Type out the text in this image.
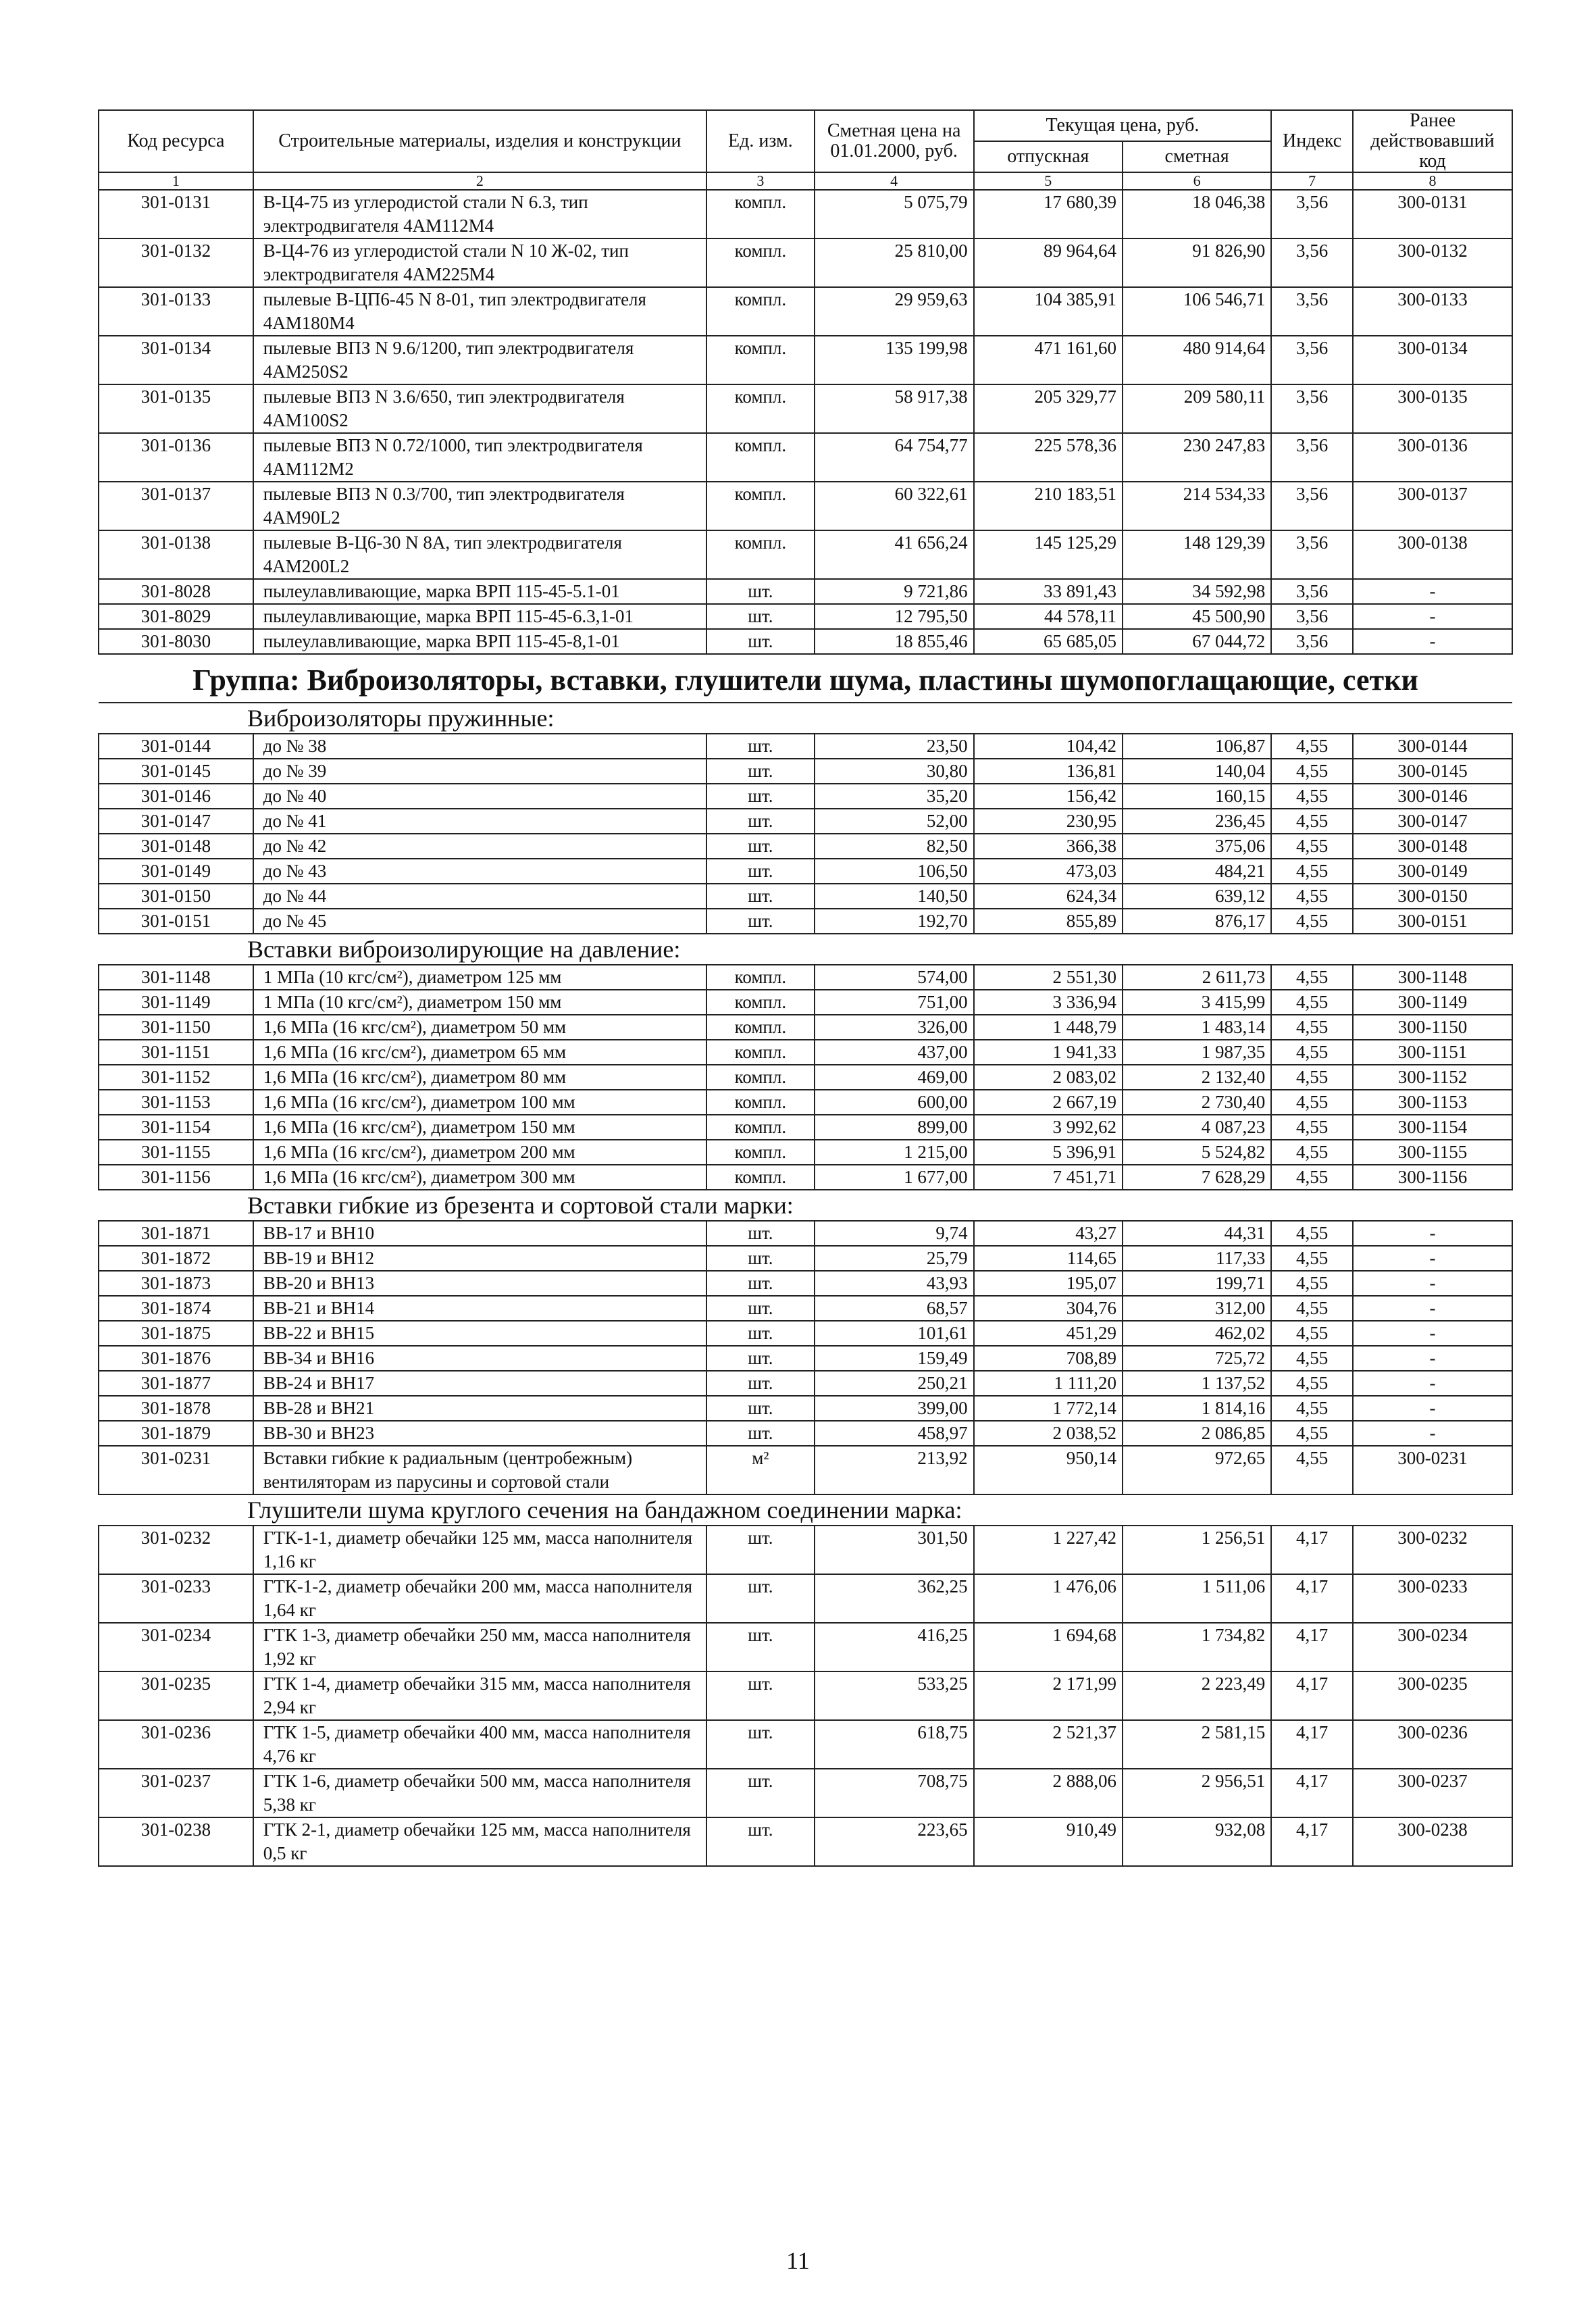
Код ресурса	Строительные материалы, изделия и конструкции	Ед. изм.	Сметная цена на 01.01.2000, руб.	Текущая цена, руб.		Индекс	Ранее действовавший код
				отпускная	сметная		
1	2	3	4	5	6	7	8
301-0131	В-Ц4-75 из углеродистой стали N 6.3, тип электродвигателя 4АМ112М4	компл.	5 075,79	17 680,39	18 046,38	3,56	300-0131
301-0132	В-Ц4-76 из углеродистой стали N 10 Ж-02, тип электродвигателя 4АМ225М4	компл.	25 810,00	89 964,64	91 826,90	3,56	300-0132
301-0133	пылевые В-ЦП6-45 N 8-01, тип электродвигателя 4АМ180М4	компл.	29 959,63	104 385,91	106 546,71	3,56	300-0133
301-0134	пылевые ВПЗ N 9.6/1200, тип электродвигателя 4АМ250S2	компл.	135 199,98	471 161,60	480 914,64	3,56	300-0134
301-0135	пылевые ВПЗ N 3.6/650, тип электродвигателя 4АМ100S2	компл.	58 917,38	205 329,77	209 580,11	3,56	300-0135
301-0136	пылевые ВПЗ N 0.72/1000, тип электродвигателя 4АМ112М2	компл.	64 754,77	225 578,36	230 247,83	3,56	300-0136
301-0137	пылевые ВПЗ N 0.3/700, тип электродвигателя 4АМ90L2	компл.	60 322,61	210 183,51	214 534,33	3,56	300-0137
301-0138	пылевые В-Ц6-30 N 8А, тип электродвигателя 4АМ200L2	компл.	41 656,24	145 125,29	148 129,39	3,56	300-0138
301-8028	пылеулавливающие, марка ВРП 115-45-5.1-01	шт.	9 721,86	33 891,43	34 592,98	3,56	-
301-8029	пылеулавливающие, марка ВРП 115-45-6.3,1-01	шт.	12 795,50	44 578,11	45 500,90	3,56	-
301-8030	пылеулавливающие, марка ВРП 115-45-8,1-01	шт.	18 855,46	65 685,05	67 044,72	3,56	-
Группа: Виброизоляторы, вставки, глушители шума, пластины шумопоглащающие, сетки							
Виброизоляторы пружинные:							
301-0144	до № 38	шт.	23,50	104,42	106,87	4,55	300-0144
301-0145	до № 39	шт.	30,80	136,81	140,04	4,55	300-0145
301-0146	до № 40	шт.	35,20	156,42	160,15	4,55	300-0146
301-0147	до № 41	шт.	52,00	230,95	236,45	4,55	300-0147
301-0148	до № 42	шт.	82,50	366,38	375,06	4,55	300-0148
301-0149	до № 43	шт.	106,50	473,03	484,21	4,55	300-0149
301-0150	до № 44	шт.	140,50	624,34	639,12	4,55	300-0150
301-0151	до № 45	шт.	192,70	855,89	876,17	4,55	300-0151
Вставки виброизолирующие на давление:							
301-1148	1 МПа (10 кгс/см²), диаметром 125 мм	компл.	574,00	2 551,30	2 611,73	4,55	300-1148
301-1149	1 МПа (10 кгс/см²), диаметром 150 мм	компл.	751,00	3 336,94	3 415,99	4,55	300-1149
301-1150	1,6 МПа (16 кгс/см²), диаметром 50 мм	компл.	326,00	1 448,79	1 483,14	4,55	300-1150
301-1151	1,6 МПа (16 кгс/см²), диаметром 65 мм	компл.	437,00	1 941,33	1 987,35	4,55	300-1151
301-1152	1,6 МПа (16 кгс/см²), диаметром 80 мм	компл.	469,00	2 083,02	2 132,40	4,55	300-1152
301-1153	1,6 МПа (16 кгс/см²), диаметром 100 мм	компл.	600,00	2 667,19	2 730,40	4,55	300-1153
301-1154	1,6 МПа (16 кгс/см²), диаметром 150 мм	компл.	899,00	3 992,62	4 087,23	4,55	300-1154
301-1155	1,6 МПа (16 кгс/см²), диаметром 200 мм	компл.	1 215,00	5 396,91	5 524,82	4,55	300-1155
301-1156	1,6 МПа (16 кгс/см²), диаметром 300 мм	компл.	1 677,00	7 451,71	7 628,29	4,55	300-1156
Вставки гибкие из брезента и сортовой стали марки:							
301-1871	ВВ-17 и ВН10	шт.	9,74	43,27	44,31	4,55	-
301-1872	ВВ-19 и ВН12	шт.	25,79	114,65	117,33	4,55	-
301-1873	ВВ-20 и ВН13	шт.	43,93	195,07	199,71	4,55	-
301-1874	ВВ-21 и ВН14	шт.	68,57	304,76	312,00	4,55	-
301-1875	ВВ-22 и ВН15	шт.	101,61	451,29	462,02	4,55	-
301-1876	ВВ-34 и ВН16	шт.	159,49	708,89	725,72	4,55	-
301-1877	ВВ-24 и ВН17	шт.	250,21	1 111,20	1 137,52	4,55	-
301-1878	ВВ-28 и ВН21	шт.	399,00	1 772,14	1 814,16	4,55	-
301-1879	ВВ-30 и ВН23	шт.	458,97	2 038,52	2 086,85	4,55	-
301-0231	Вставки гибкие к радиальным (центробежным) вентиляторам из парусины и сортовой стали	м²	213,92	950,14	972,65	4,55	300-0231
Глушители шума круглого сечения на бандажном соединении марка:							
301-0232	ГТК-1-1, диаметр обечайки 125 мм, масса наполнителя 1,16 кг	шт.	301,50	1 227,42	1 256,51	4,17	300-0232
301-0233	ГТК-1-2, диаметр обечайки 200 мм, масса наполнителя 1,64 кг	шт.	362,25	1 476,06	1 511,06	4,17	300-0233
301-0234	ГТК 1-3, диаметр обечайки 250 мм, масса наполнителя 1,92 кг	шт.	416,25	1 694,68	1 734,82	4,17	300-0234
301-0235	ГТК 1-4, диаметр обечайки 315 мм, масса наполнителя 2,94 кг	шт.	533,25	2 171,99	2 223,49	4,17	300-0235
301-0236	ГТК 1-5, диаметр обечайки 400 мм, масса наполнителя 4,76 кг	шт.	618,75	2 521,37	2 581,15	4,17	300-0236
301-0237	ГТК 1-6, диаметр обечайки 500 мм, масса наполнителя 5,38 кг	шт.	708,75	2 888,06	2 956,51	4,17	300-0237
301-0238	ГТК 2-1, диаметр обечайки 125 мм, масса наполнителя 0,5 кг	шт.	223,65	910,49	932,08	4,17	300-0238
11
